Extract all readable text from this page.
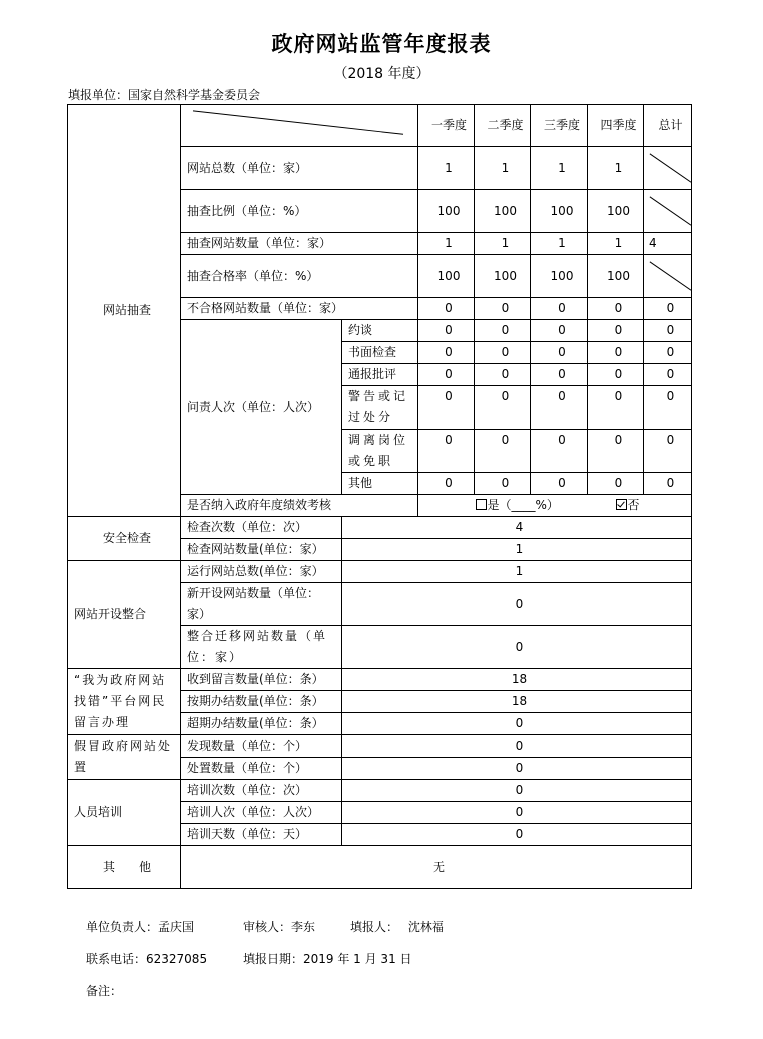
政府网站监管年度报表
（2018 年度）
填报单位：国家自然科学基金委员会
网站抽查			一季度	二季度	三季度	四季度	总计
	网站总数（单位：家）		1	1	1	1	

	抽查比例（单位：%）		100	100	100	100	

	抽查网站数量（单位：家）		1	1	1	1	4
	抽查合格率（单位：%）		100	100	100	100	

	不合格网站数量（单位：家）		0	0	0	0	0
	问责人次（单位：人次）	约谈	0	0	0	0	0
		书面检查	0	0	0	0	0
		通报批评	0	0	0	0	0
		警告或记过处分	0	0	0	0	0
		调离岗位或免职	0	0	0	0	0
		其他	0	0	0	0	0
	是否纳入政府年度绩效考核		是（____%） 否				
安全检查	检查次数（单位：次）	4					
	检查网站数量(单位：家）	1					
网站开设整合	运行网站总数(单位：家）	1					
	新开设网站数量（单位：家）	0					
	整合迁移网站数量（单位：家）	0					
“我为政府网站找错”平台网民留言办理	收到留言数量(单位：条）	18					
	按期办结数量(单位：条）	18					
	超期办结数量(单位：条）	0					
假冒政府网站处置	发现数量（单位：个）	0					
	处置数量（单位：个）	0					
人员培训	培训次数（单位：次）	0					
	培训人次（单位：人次）	0					
	培训天数（单位：天）	0					
其　　他	无						
单位负责人：孟庆国	审核人：李东	填报人：　 沈林福
联系电话：62327085	填报日期：2019 年 1 月 31 日
备注：
